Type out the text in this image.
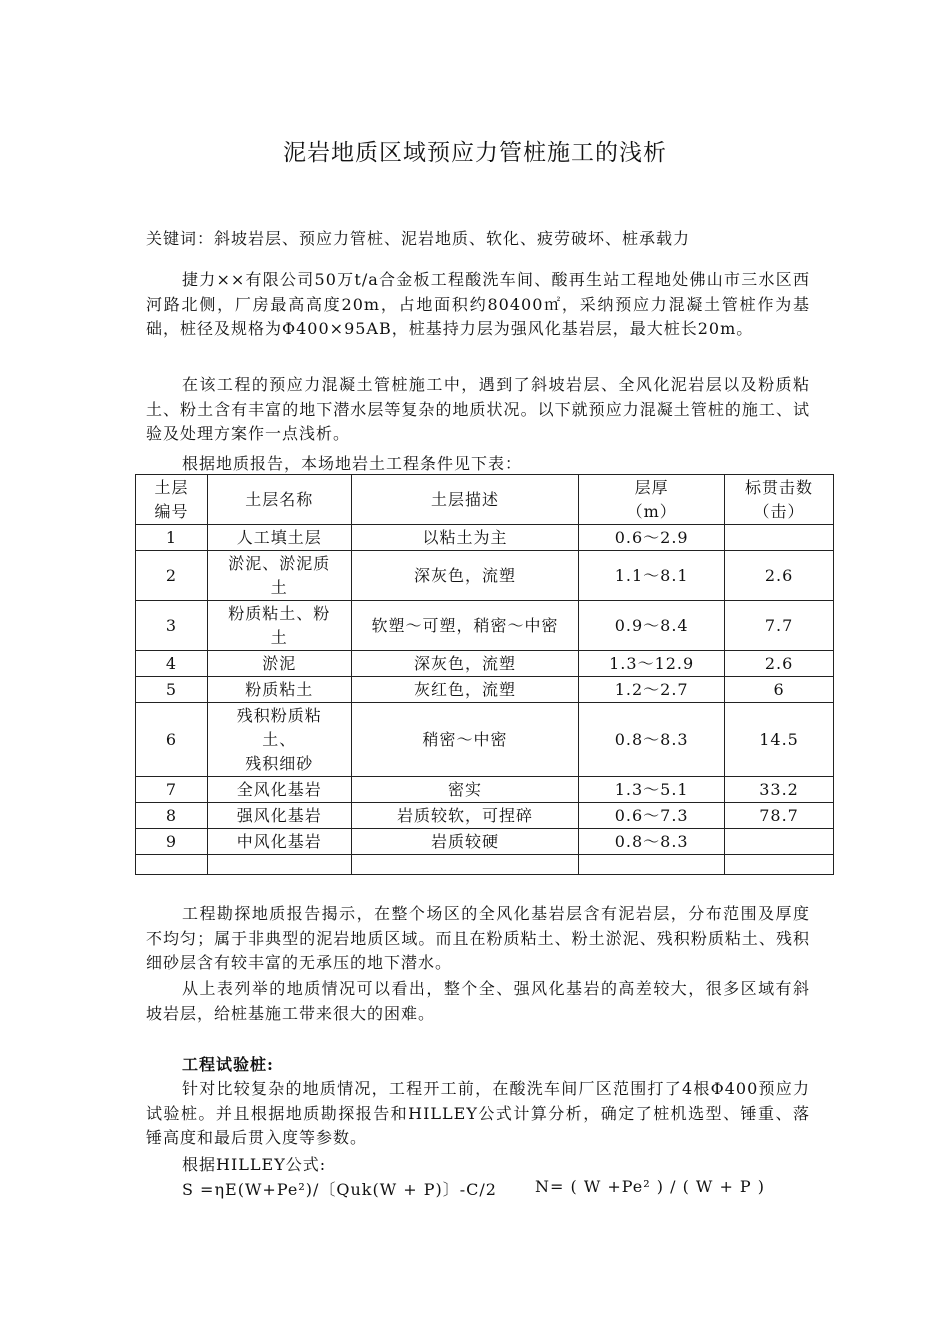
泥岩地质区域预应力管桩施工的浅析
关键词：斜坡岩层、预应力管桩、泥岩地质、软化、疲劳破坏、桩承载力

捷力××有限公司50万t/a合金板工程酸洗车间、酸再生站工程地处佛山市三水区西河路北侧，厂房最高高度20m，占地面积约80400㎡，采纳预应力混凝土管桩作为基础，桩径及规格为Φ400×95AB，桩基持力层为强风化基岩层，最大桩长20m。

在该工程的预应力混凝土管桩施工中，遇到了斜坡岩层、全风化泥岩层以及粉质粘土、粉土含有丰富的地下潜水层等复杂的地质状况。以下就预应力混凝土管桩的施工、试验及处理方案作一点浅析。

根据地质报告，本场地岩土工程条件见下表：

土层
编号	土层名称	土层描述	层厚
（m）	标贯击数
（击）
1	人工填土层	以粘土为主	0.6～2.9	
2	淤泥、淤泥质
土	深灰色，流塑	1.1～8.1	2.6
3	粉质粘土、粉
土	软塑～可塑，稍密～中密	0.9～8.4	7.7
4	淤泥	深灰色，流塑	1.3～12.9	2.6
5	粉质粘土	灰红色，流塑	1.2～2.7	6
6	残积粉质粘
土、
残积细砂	稍密～中密	0.8～8.3	14.5
7	全风化基岩	密实	1.3～5.1	33.2
8	强风化基岩	岩质较软，可捏碎	0.6～7.3	78.7
9	中风化基岩	岩质较硬	0.8～8.3	

工程勘探地质报告揭示，在整个场区的全风化基岩层含有泥岩层，分布范围及厚度不均匀；属于非典型的泥岩地质区域。而且在粉质粘土、粉土淤泥、残积粉质粘土、残积细砂层含有较丰富的无承压的地下潜水。

从上表列举的地质情况可以看出，整个全、强风化基岩的高差较大，很多区域有斜坡岩层，给桩基施工带来很大的困难。

工程试验桩:

针对比较复杂的地质情况，工程开工前，在酸洗车间厂区范围打了4根Φ400预应力试验桩。并且根据地质勘探报告和HILLEY公式计算分析，确定了桩机选型、锤重、落锤高度和最后贯入度等参数。

根据HILLEY公式:

S =ηE(W+Pe²)/〔Quk(W + P)〕-C/2 N= ( W +Pe² ) / ( W + P )
